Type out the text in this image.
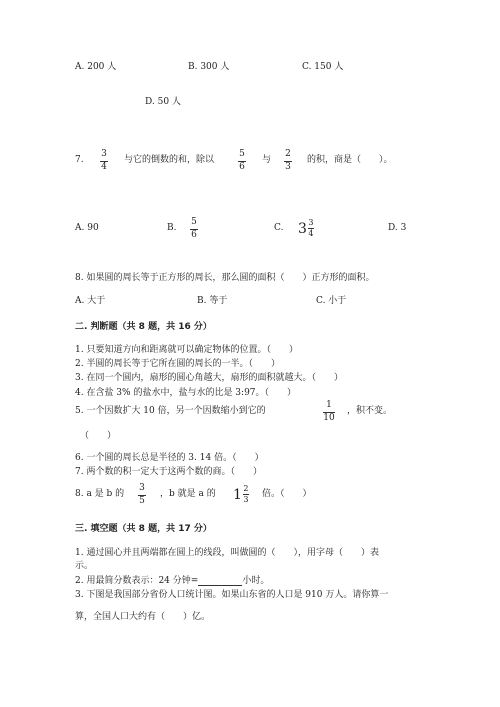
A. 200 人	B. 300 人	C. 150 人
D. 50 人
7.
3
4
与它的倒数的和，除以
5
6
与
2
3
的积，商是（　　）。
A. 90	B.
5
6
C. $3 \frac{3}{4}$	D. 3
8. 如果圆的周长等于正方形的周长，那么圆的面积（　　）正方形的面积。
A. 大于	B. 等于	C. 小于
二. 判断题（共 8 题，共 16 分）
1. 只要知道方向和距离就可以确定物体的位置。（　　）
2. 半圆的周长等于它所在圆的周长的一半。（　　）
3. 在同一个圆内，扇形的圆心角越大，扇形的面积就越大。（　　）
4. 在含盐 3% 的盐水中，盐与水的比是 3:97。（　　）
5. 一个因数扩大 10 倍，另一个因数缩小到它的
1
10
，积不变。
（　　）
6. 一个圆的周长总是半径的 3. 14 倍。（　　）
7. 两个数的积一定大于这两个数的商。（　　）
8. a 是 b 的
3
5
，b 就是 a 的 $1 \frac{2}{3}$ 倍。（　　）
三. 填空题（共 8 题，共 17 分）
1. 通过圆心并且两端都在圆上的线段，叫做圆的（　　），用字母（　　）表
示。
2. 用最简分数表示：24 分钟=	小时。
3. 下图是我国部分省份人口统计图。如果山东省的人口是 910 万人。请你算一
算，全国人口大约有（　　）亿。
